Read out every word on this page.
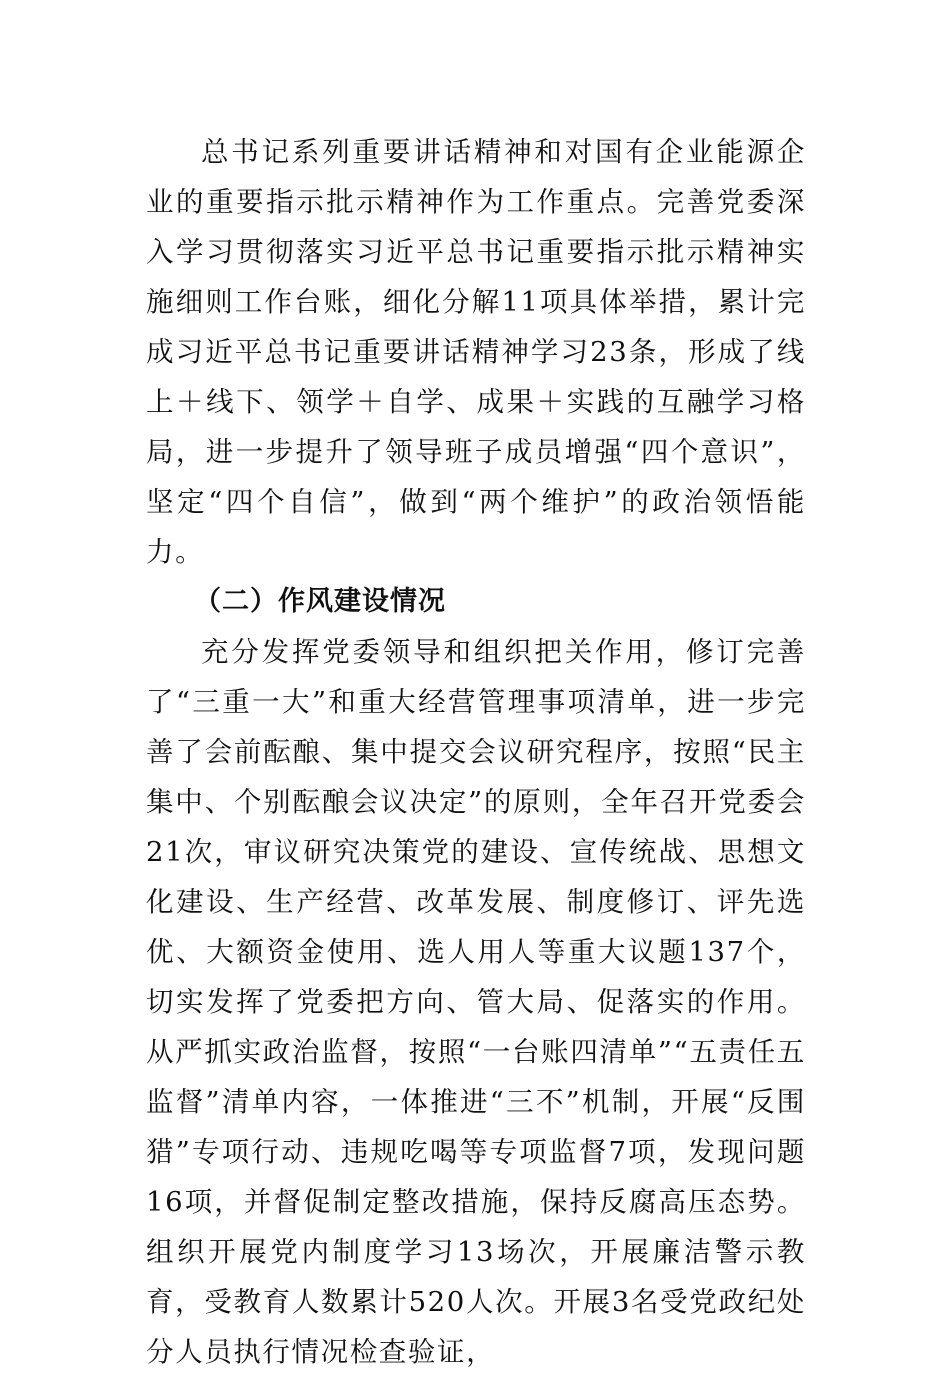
总书记系列重要讲话精神和对国有企业能源企业的重要指示批示精神作为工作重点。完善党委深入学习贯彻落实习近平总书记重要指示批示精神实施细则工作台账，细化分解11项具体举措，累计完成习近平总书记重要讲话精神学习23条，形成了线上＋线下、领学＋自学、成果＋实践的互融学习格局，进一步提升了领导班子成员增强“四个意识”，坚定“四个自信”，做到“两个维护”的政治领悟能力。

（二）作风建设情况

充分发挥党委领导和组织把关作用，修订完善了“三重一大”和重大经营管理事项清单，进一步完善了会前酝酿、集中提交会议研究程序，按照“民主集中、个别酝酿会议决定”的原则，全年召开党委会21次，审议研究决策党的建设、宣传统战、思想文化建设、生产经营、改革发展、制度修订、评先选优、大额资金使用、选人用人等重大议题137个，切实发挥了党委把方向、管大局、促落实的作用。从严抓实政治监督，按照“一台账四清单”“五责任五监督”清单内容，一体推进“三不”机制，开展“反围猎”专项行动、违规吃喝等专项监督7项，发现问题16项，并督促制定整改措施，保持反腐高压态势。组织开展党内制度学习13场次，开展廉洁警示教育，受教育人数累计520人次。开展3名受党政纪处分人员执行情况检查验证，
